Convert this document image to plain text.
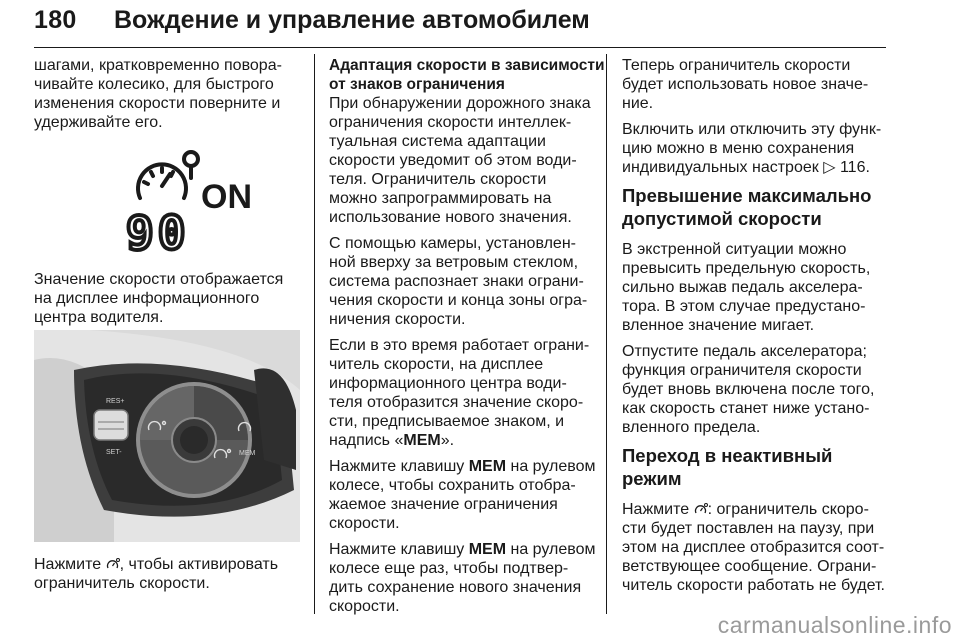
180 Вождение и управление автомобилем

шагами, кратковременно повора-
чивайте колесико, для быстрого
изменения скорости поверните и
удерживайте его.

ON
90
Значение скорости отображается
на дисплее информационного
центра водителя.
RES+
SET-	MEM
Нажмите , чтобы активировать
ограничитель скорости.
Адаптация скорости в зависимости
от знаков ограничения

При обнаружении дорожного знака
ограничения скорости интеллек-
туальная система адаптации
скорости уведомит об этом води-
теля. Ограничитель скорости
можно запрограммировать на
использование нового значения.

С помощью камеры, установлен-
ной вверху за ветровым стеклом,
система распознает знаки ограни-
чения скорости и конца зоны огра-
ничения скорости.

Если в это время работает ограни-
читель скорости, на дисплее
информационного центра води-
теля отобразится значение скоро-
сти, предписываемое знаком, и
надпись «MEM».

Нажмите клавишу MEM на рулевом
колесе, чтобы сохранить отобра-
жаемое значение ограничения
скорости.

Нажмите клавишу MEM на рулевом
колесе еще раз, чтобы подтвер-
дить сохранение нового значения
скорости.

Теперь ограничитель скорости
будет использовать новое значе-
ние.

Включить или отключить эту функ-
цию можно в меню сохранения
индивидуальных настроек ▷ 116.

Превышение максимально
допустимой скорости

В экстренной ситуации можно
превысить предельную скорость,
сильно выжав педаль акселера-
тора. В этом случае предустано-
вленное значение мигает.

Отпустите педаль акселератора;
функция ограничителя скорости
будет вновь включена после того,
как скорость станет ниже устано-
вленного предела.

Переход в неактивный режим

Нажмите : ограничитель скоро-
сти будет поставлен на паузу, при
этом на дисплее отобразится соот-
ветствующее сообщение. Ограни-
читель скорости работать не будет.

carmanualsonline.info
